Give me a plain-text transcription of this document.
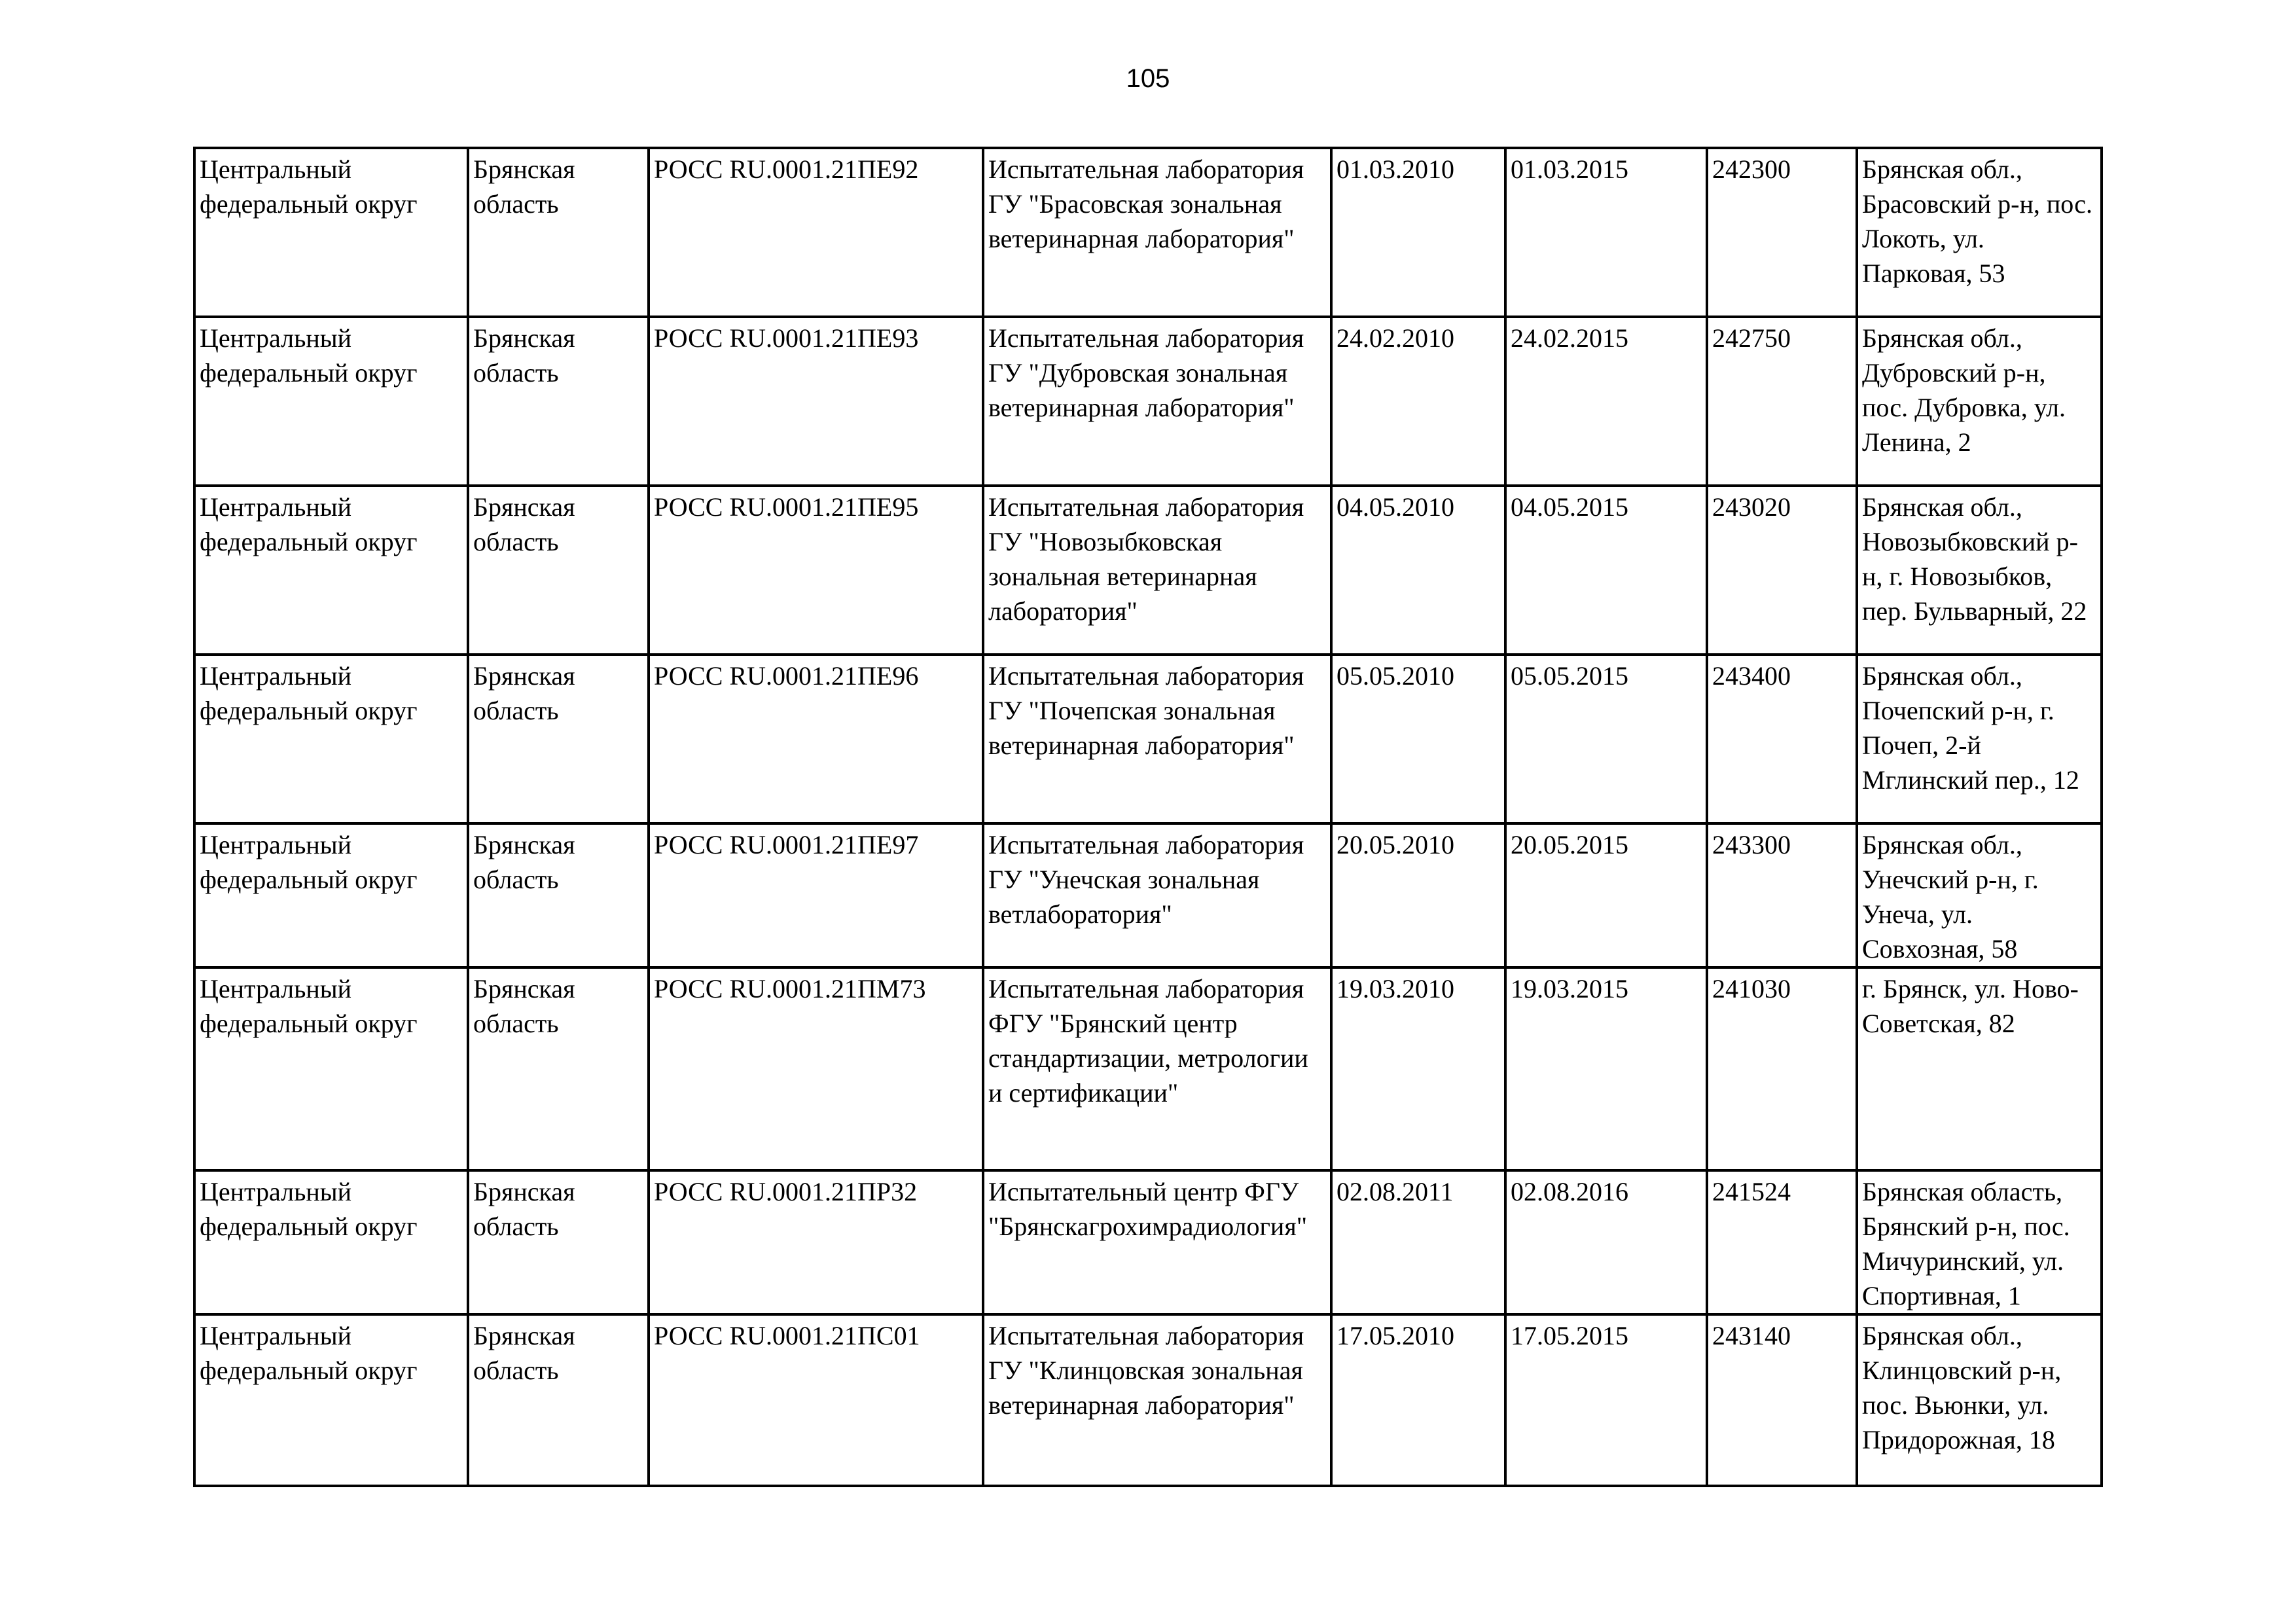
105
Центральный федеральный округ	Брянская область	РОСС RU.0001.21ПЕ92	Испытательная лаборатория ГУ "Брасовская зональная ветеринарная лаборатория"	01.03.2010	01.03.2015	242300	Брянская обл., Брасовский р-н, пос. Локоть, ул. Парковая, 53

Центральный федеральный округ	Брянская область	РОСС RU.0001.21ПЕ93	Испытательная лаборатория ГУ "Дубровская зональная ветеринарная лаборатория"	24.02.2010	24.02.2015	242750	Брянская обл., Дубровский р-н, пос. Дубровка, ул. Ленина, 2

Центральный федеральный округ	Брянская область	РОСС RU.0001.21ПЕ95	Испытательная лаборатория ГУ "Новозыбковская зональная ветеринарная лаборатория"	04.05.2010	04.05.2015	243020	Брянская обл., Новозыбковский р-н, г. Новозыбков, пер. Бульварный, 22

Центральный федеральный округ	Брянская область	РОСС RU.0001.21ПЕ96	Испытательная лаборатория ГУ "Почепская зональная ветеринарная лаборатория"	05.05.2010	05.05.2015	243400	Брянская обл., Почепский р-н, г. Почеп, 2-й Мглинский пер., 12

Центральный федеральный округ	Брянская область	РОСС RU.0001.21ПЕ97	Испытательная лаборатория ГУ "Унечская зональная ветлаборатория"	20.05.2010	20.05.2015	243300	Брянская обл., Унечский р-н, г. Унеча, ул. Совхозная, 58

Центральный федеральный округ	Брянская область	РОСС RU.0001.21ПМ73	Испытательная лаборатория ФГУ "Брянский центр стандартизации, метрологии и сертификации"	19.03.2010	19.03.2015	241030	г. Брянск, ул. Ново-Советская, 82

Центральный федеральный округ	Брянская область	РОСС RU.0001.21ПР32	Испытательный центр ФГУ "Брянскагрохимрадиология"	02.08.2011	02.08.2016	241524	Брянская область, Брянский р-н, пос. Мичуринский, ул. Спортивная, 1

Центральный федеральный округ	Брянская область	РОСС RU.0001.21ПС01	Испытательная лаборатория ГУ "Клинцовская зональная ветеринарная лаборатория"	17.05.2010	17.05.2015	243140	Брянская обл., Клинцовский р-н, пос. Вьюнки, ул. Придорожная, 18
